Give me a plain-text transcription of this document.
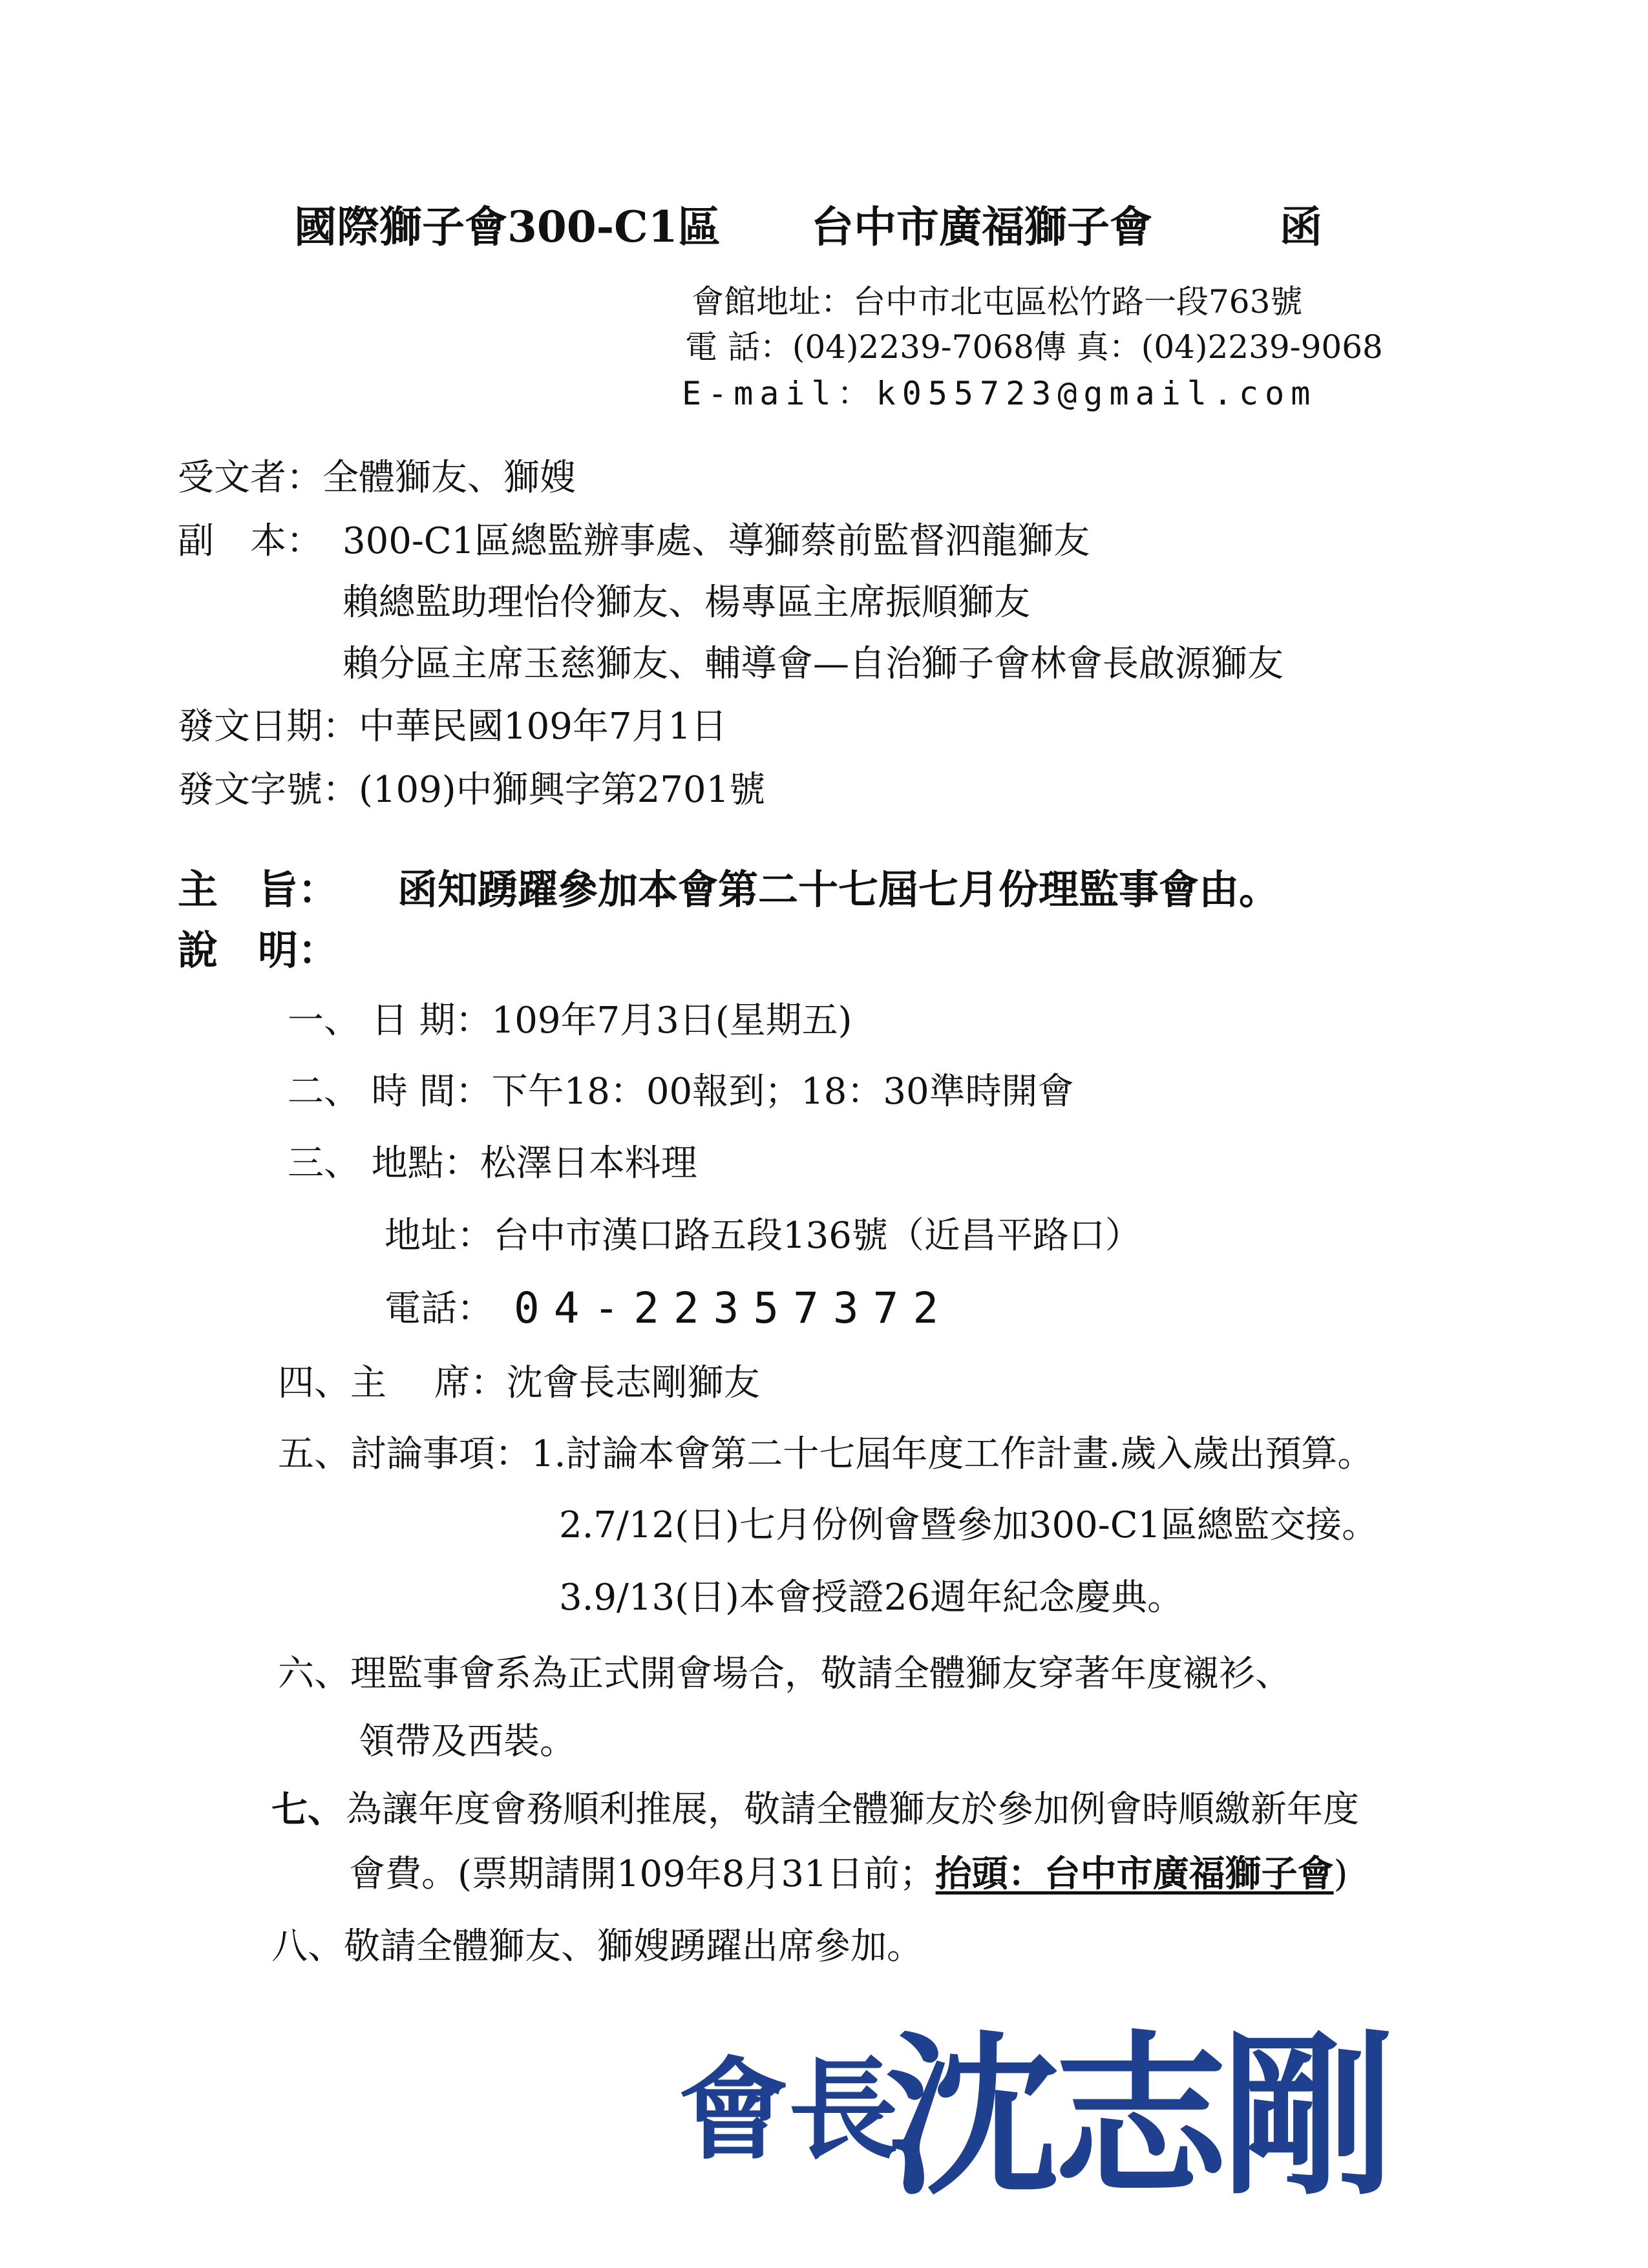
國際獅子會300-C1區 台中市廣福獅子會	函
會館地址：台中市北屯區松竹路一段763號
電 話：(04)2239-7068傳 真：(04)2239-9068
E-mail：k055723@gmail.com
受文者：全體獅友、獅嫂
副　本： 300-C1區總監辦事處、導獅蔡前監督泗龍獅友
賴總監助理怡伶獅友、楊專區主席振順獅友
賴分區主席玉慈獅友、輔導會—自治獅子會林會長啟源獅友
發文日期：中華民國109年7月1日
發文字號：(109)中獅興字第2701號
主　旨： 函知踴躍參加本會第二十七屆七月份理監事會由。
說　明：
一、 日 期：109年7月3日(星期五)
二、 時 間：下午18：00報到；18：30準時開會
三、 地點：松澤日本料理
地址：台中市漢口路五段136號（近昌平路口）
電話： 04-22357372
四、主　 席：沈會長志剛獅友
五、討論事項：1.討論本會第二十七屆年度工作計畫.歲入歲出預算。
2.7/12(日)七月份例會暨參加300-C1區總監交接。
3.9/13(日)本會授證26週年紀念慶典。
六、理監事會系為正式開會場合，敬請全體獅友穿著年度襯衫、
領帶及西裝。
七、 為讓年度會務順利推展，敬請全體獅友於參加例會時順繳新年度
會費。(票期請開109年8月31日前；抬頭：台中市廣福獅子會)
八、敬請全體獅友、獅嫂踴躍出席參加。
會長
沈志剛
